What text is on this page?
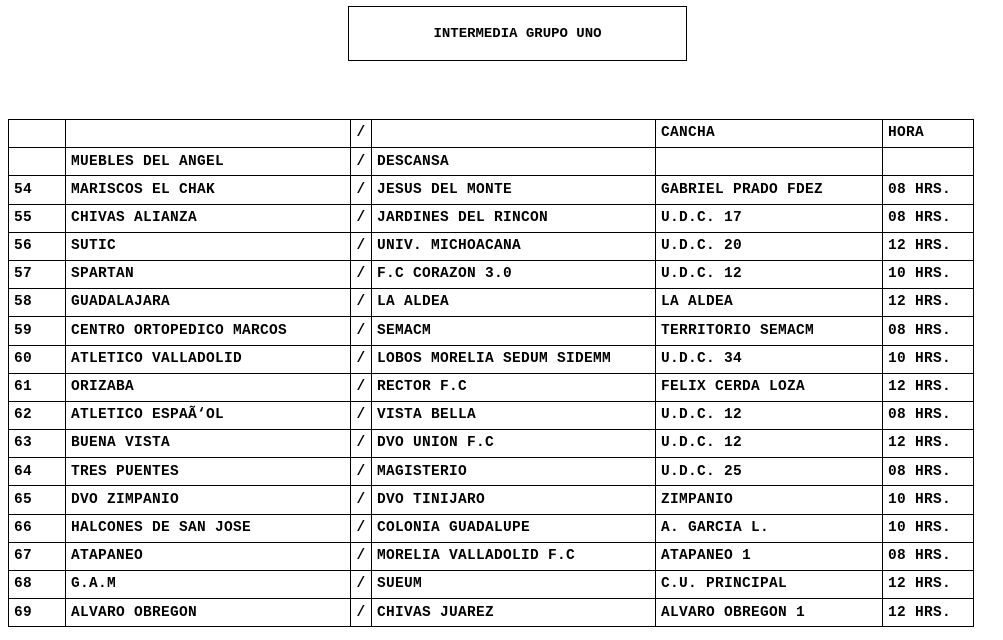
INTERMEDIA GRUPO UNO
		/		CANCHA	HORA
	MUEBLES DEL ANGEL	/	DESCANSA		
54	MARISCOS EL CHAK	/	JESUS DEL MONTE	GABRIEL PRADO FDEZ	08 HRS.
55	CHIVAS ALIANZA	/	JARDINES DEL RINCON	U.D.C. 17	08 HRS.
56	SUTIC	/	UNIV. MICHOACANA	U.D.C. 20	12 HRS.
57	SPARTAN	/	F.C CORAZON 3.0	U.D.C. 12	10 HRS.
58	GUADALAJARA	/	LA ALDEA	LA ALDEA	12 HRS.
59	CENTRO ORTOPEDICO MARCOS	/	SEMACM	TERRITORIO SEMACM	08 HRS.
60	ATLETICO VALLADOLID	/	LOBOS MORELIA SEDUM SIDEMM	U.D.C. 34	10 HRS.
61	ORIZABA	/	RECTOR F.C	FELIX CERDA LOZA	12 HRS.
62	ATLETICO ESPAÃ‘OL	/	VISTA BELLA	U.D.C. 12	08 HRS.
63	BUENA VISTA	/	DVO UNION F.C	U.D.C. 12	12 HRS.
64	TRES PUENTES	/	MAGISTERIO	U.D.C. 25	08 HRS.
65	DVO ZIMPANIO	/	DVO TINIJARO	ZIMPANIO	10 HRS.
66	HALCONES DE SAN JOSE	/	COLONIA GUADALUPE	A. GARCIA L.	10 HRS.
67	ATAPANEO	/	MORELIA VALLADOLID F.C	ATAPANEO 1	08 HRS.
68	G.A.M	/	SUEUM	C.U. PRINCIPAL	12 HRS.
69	ALVARO OBREGON	/	CHIVAS JUAREZ	ALVARO OBREGON 1	12 HRS.
